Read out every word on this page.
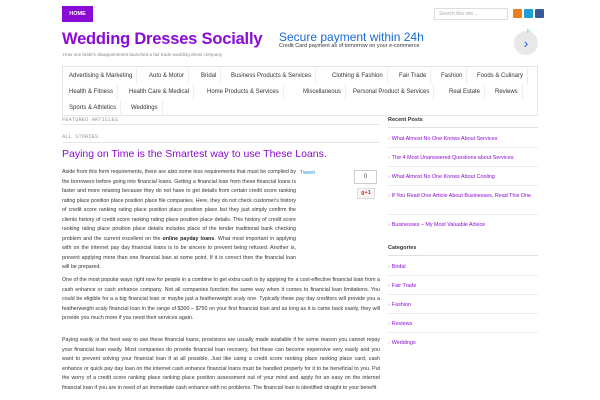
HOME	Search this site...
Wedding Dresses Socially
How one bride's disappointment launched a fair trade wedding dress company
Secure payment within 24h
Credit Card payment as of tomorrow on your e-commerce	›
▷
Advertising & Marketing	Auto & Motor	Bridal	Business Products & Services	Clothing & Fashion	Fair Trade	Fashion	Foods & Culinary
Health & Fitness	Health Care & Medical	Home Products & Services	Miscellaneous	Personal Product & Services	Real Estate	Reviews
Sports & Athletics	Weddings
FEATURED ARTICLES
ALL STORIES
Paying on Time is the Smartest way to use These Loans.
Tweet
0
g+1
Aside from this form requirements, there are also some less requirements that must be complied by the borrowers before going into financial loans. Getting a financial loan from these financial loans is faster and more relaxing because they do not have to get details from certain credit score ranking rating place position place position place file companies. Here, they do not check customer's history of credit score ranking rating place position place position place but they just simply confirm the clients history of credit score ranking rating place position place details. This history of credit score ranking rating place position place details includes place of the lender traditional bank checking problem and the current excellent on the online payday loans. What most important in applying with on the internet pay day financial loans is to be sincere to prevent being refused. Another is, prevent applying more than one financial loan at some point. If it is correct then the financial loan will be prepared.
One of the most popular ways right now for people in a combine to get extra cash is by applying for a cost-effective financial loan from a cash enhance or cash enhance company. Not all companies function the same way when it comes to financial loan limitations. You could be eligible for a a big financial loan or maybe just a featherweight scaly one. Typically these pay day creditors will provide you a featherweight scaly financial loan in the range of $300 – $750 on your first financial loan and as long as it is came back easily, they will provide you much more if you need their services again.
Paying easily is the best way to use these financial loans, provisions are usually made available if for some reason you cannot repay your financial loan easily. Most companies do provide financial loan recovery, but these can become expensive very easily and you want to prevent solving your financial loan if at all possible. Just like using a credit score ranking place ranking place card, cash enhance or quick pay day loan on the internet cash enhance financial loans must be handled properly for it to be beneficial to you. Put the worry of a credit score ranking place ranking place position assessment out of your mind and apply for an easy on the internet financial loan if you are in need of an immediate cash enhance with no problems. The financial loan is identified straight to your benefit
Recent Posts
› What Almost No One Knows About Services
› The 4 Most Unanswered Questions about Services
› What Almost No One Knows About Cooling
› If You Read One Article About Businesses, Read This One
› Businesses – My Most Valuable Advice
Categories
› Bridal
› Fair Trade
› Fashion
› Reviews
› Weddings
